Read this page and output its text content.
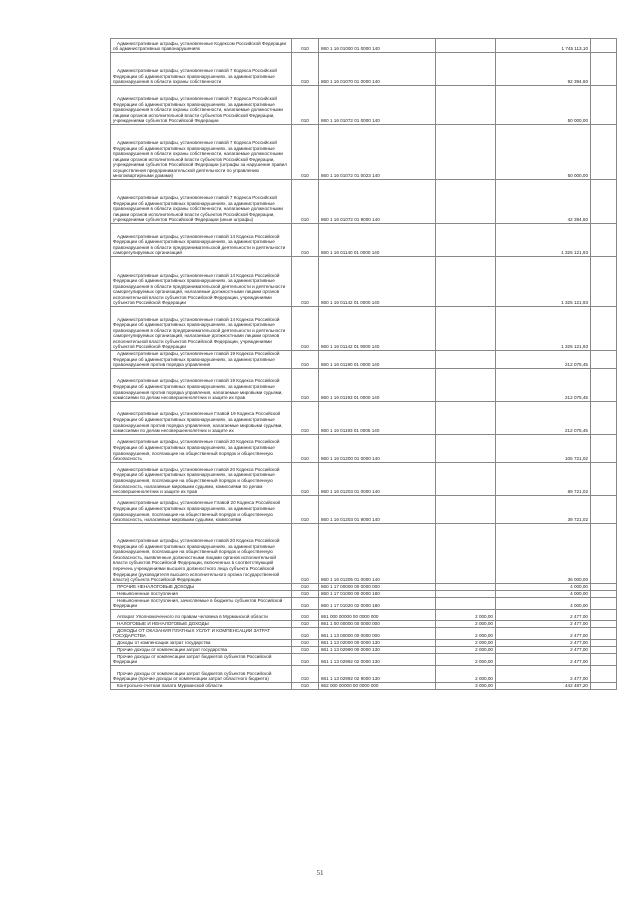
Административные штрафы, установленные Кодексом Российской Федерации об административных правонарушениях	010	860 1 16 01000 01 0000 140		1 745 113,10	
Административные штрафы, установленные главой 7 Кодекса Российской Федерации об административных правонарушениях, за административные правонарушения в области охраны собственности	010	860 1 16 01070 01 0000 140		92 394,60	
Административные штрафы, установленные главой 7 Кодекса Российской Федерации об административных правонарушениях, за административные правонарушения в области охраны собственности, налагаемые должностными лицами органов исполнительной власти субъектов Российской Федерации, учреждениями субъектов Российской Федерации	010	860 1 16 01072 01 0000 140		50 000,00	
Административные штрафы, установленные главой 7 Кодекса Российской Федерации об административных правонарушениях, за административные правонарушения в области охраны собственности, налагаемые должностными лицами органов исполнительной власти субъектов Российской Федерации, учреждениями субъектов Российской Федерации (штрафы за нарушение правил осуществления предпринимательской деятельности по управлению многоквартирными домами)	010	860 1 16 01072 01 0023 140		50 000,00	
Административные штрафы, установленные главой 7 Кодекса Российской Федерации об административных правонарушениях, за административные правонарушения в области охраны собственности, налагаемые должностными лицами органов исполнительной власти субъектов Российской Федерации, учреждениями субъектов Российской Федерации (иные штрафы)	010	860 1 16 01072 01 9000 140		42 394,60	
Административные штрафы, установленные главой 14 Кодекса Российской Федерации об административных правонарушениях, за административные правонарушения в области предпринимательской деятельности и деятельности саморегулируемых организаций	010	860 1 16 01140 01 0000 140		1 325 121,93	
Административные штрафы, установленные главой 14 Кодекса Российской Федерации об административных правонарушениях, за административные правонарушения в области предпринимательской деятельности и деятельности саморегулируемых организаций, налагаемые должностными лицами органов исполнительной власти субъектов Российской Федерации, учреждениями субъектов Российской Федерации	010	860 1 16 01142 01 0000 140		1 325 121,93	
Административные штрафы, установленные главой 14 Кодекса Российской Федерации об административных правонарушениях, за административные правонарушения в области предпринимательской деятельности и деятельности саморегулируемых организаций, налагаемые должностными лицами органов исполнительной власти субъектов Российской Федерации, учреждениями субъектов Российской Федерации	010	860 1 16 01142 01 9000 140		1 325 121,93	
Административные штрафы, установленные главой 19 Кодекса Российской Федерации об административных правонарушениях, за административные правонарушения против порядка управления	010	860 1 16 01190 01 0000 140		212 075,45	
Административные штрафы, установленные главой 19 Кодекса Российской Федерации об административных правонарушениях, за административные правонарушения против порядка управления, налагаемые мировыми судьями, комиссиями по делам несовершеннолетних и защите их прав	010	860 1 16 01193 01 0000 140		212 075,45	
Административные штрафы, установленные Главой 19 Кодекса Российской Федерации об административных правонарушениях, за административные правонарушения против порядка управления, налагаемые мировыми судьями, комиссиями по делам несовершеннолетних и защите их	010	860 1 16 01193 01 0005 140		212 075,45	
Административные штрафы, установленные главой 20 Кодекса Российской Федерации об административных правонарушениях, за административные правонарушения, посягающие на общественный порядок и общественную безопасность	010	860 1 16 01200 01 0000 140		105 721,02	
Административные штрафы, установленные главой 20 Кодекса Российской Федерации об административных правонарушениях, за административные правонарушения, посягающие на общественный порядок и общественную безопасность, налагаемые мировыми судьями, комиссиями по делам несовершеннолетних и защите их прав	010	860 1 16 01203 01 0000 140		69 721,02	
Административные штрафы, установленные Главой 20 Кодекса Российской Федерации об административных правонарушениях, за административные правонарушения, посягающие на общественный порядок и общественную безопасность, налагаемые мировыми судьями, комиссиями	010	860 1 16 01203 01 9000 140		39 721,02	
Административные штрафы, установленные главой 20 Кодекса Российской Федерации об административных правонарушениях, за административные правонарушения, посягающие на общественный порядок и общественную безопасность, выявленные должностными лицами органов исполнительной власти субъектов Российской Федерации, включенных в соответствующий перечень учреждениями высшего должностного лица субъекта Российской Федерации (руководителя высшего исполнительного органа государственной власти) субъекта Российской Федерации	010	860 1 16 01205 01 0000 140		36 000,00	
ПРОЧИЕ НЕНАЛОГОВЫЕ ДОХОДЫ	010	860 1 17 00000 00 0000 000		4 000,00	
Невыясненные поступления	010	860 1 17 01000 00 0000 180		4 000,00	
Невыясненные поступления, зачисляемые в бюджеты субъектов Российской Федерации	010	860 1 17 01020 02 0000 180		4 000,00	
Аппарат Уполномоченного по правам человека в Мурманской области	010	861 000 00000 00 0000 000	2 000,00	2 477,00	
НАЛОГОВЫЕ И НЕНАЛОГОВЫЕ ДОХОДЫ	010	861 1 00 00000 00 0000 000	2 000,00	2 477,00	
ДОХОДЫ ОТ ОКАЗАНИЯ ПЛАТНЫХ УСЛУГ И КОМПЕНСАЦИИ ЗАТРАТ ГОСУДАРСТВА	010	861 1 13 00000 00 0000 000	2 000,00	2 477,00	
Доходы от компенсации затрат государства	010	861 1 13 02000 00 0000 130	2 000,00	2 477,00	
Прочие доходы от компенсации затрат государства	010	861 1 13 02990 00 0000 130	2 000,00	2 477,00	
Прочие доходы от компенсации затрат бюджетов субъектов Российской Федерации	010	861 1 13 02992 02 0000 130	2 000,00	2 477,00	
Прочие доходы от компенсации затрат бюджетов субъектов Российской Федерации (прочие доходы от компенсации затрат областного бюджета)	010	861 1 13 02992 02 9000 130	2 000,00	2 477,00	
Контрольно-счетная палата Мурманской области	010	862 000 00000 00 0000 000	3 000,00	442 487,20	
51
